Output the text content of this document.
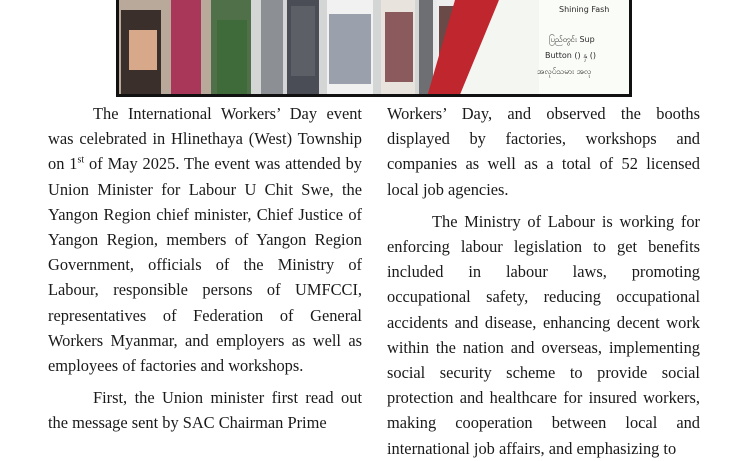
Shining Fash
ပြည်တွင်း Sup
Button () နှ ()
အလုပ်သမား အလု

The International Workers’ Day event was celebrated in Hlinethaya (West) Township on 1st of May 2025. The event was attended by Union Minister for Labour U Chit Swe, the Yangon Region chief minister, Chief Justice of Yangon Region, members of Yangon Region Government, officials of the Ministry of Labour, responsible persons of UMFCCI, representatives of Federation of General Workers Myanmar, and employers as well as employees of factories and workshops.

First, the Union minister first read out the message sent by SAC Chairman Prime

Workers’ Day, and observed the booths displayed by factories, workshops and companies as well as a total of 52 licensed local job agencies.

The Ministry of Labour is working for enforcing labour legislation to get benefits included in labour laws, promoting occupational safety, reducing occupational accidents and disease, enhancing decent work within the nation and overseas, implementing social security scheme to provide social protection and healthcare for insured workers, making cooperation between local and international job affairs, and emphasizing to
